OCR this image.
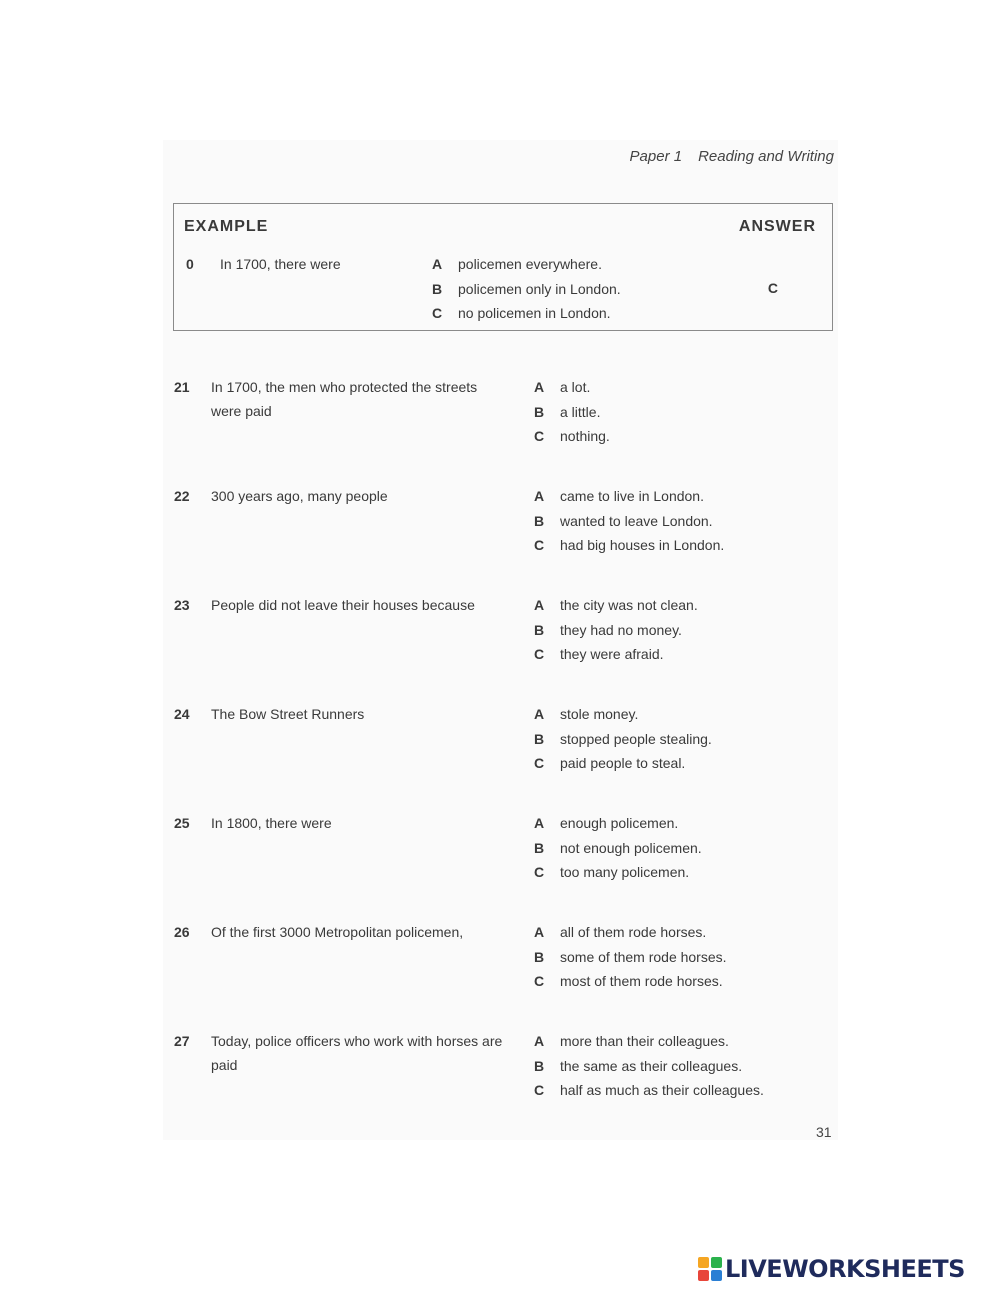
Paper 1 Reading and Writing
EXAMPLE	ANSWER
0 In 1700, there were	A policemen everywhere.
B policemen only in London.
C no policemen in London.
C
21 In 1700, the men who protected the streets were paid
A a lot.
B a little.
C nothing.
22 300 years ago, many people	A came to live in London.
B wanted to leave London.
C had big houses in London.
23 People did not leave their houses because	A the city was not clean.
B they had no money.
C they were afraid.
24 The Bow Street Runners	A stole money.
B stopped people stealing.
C paid people to steal.
25 In 1800, there were	A enough policemen.
B not enough policemen.
C too many policemen.
26 Of the first 3000 Metropolitan policemen,	A all of them rode horses.
B some of them rode horses.
C most of them rode horses.
27 Today, police officers who work with horses are paid
A more than their colleagues.
B the same as their colleagues.
C half as much as their colleagues.
31
LIVEWORKSHEETS
